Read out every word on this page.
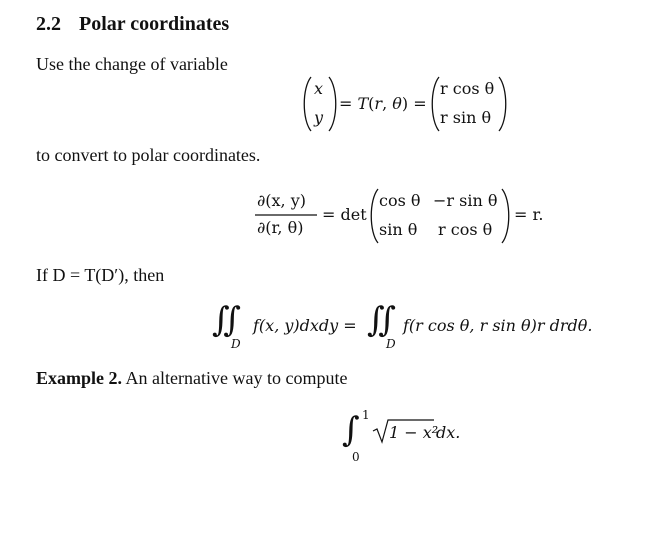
2.2 Polar coordinates
Use the change of variable
x
y
= T(r, θ) =
r cos θ
r sin θ
to convert to polar coordinates.
∂(x, y)
∂(r, θ)
= det
cos θ −r sin θ
sin θ r cos θ
= r.
If D = T(D′), then
∬
D
f(x, y)dxdy = ∬
D
f(r cos θ, r sin θ)r drdθ.
Example 2. An alternative way to compute
∫ 1
0
1 − x²
dx.
